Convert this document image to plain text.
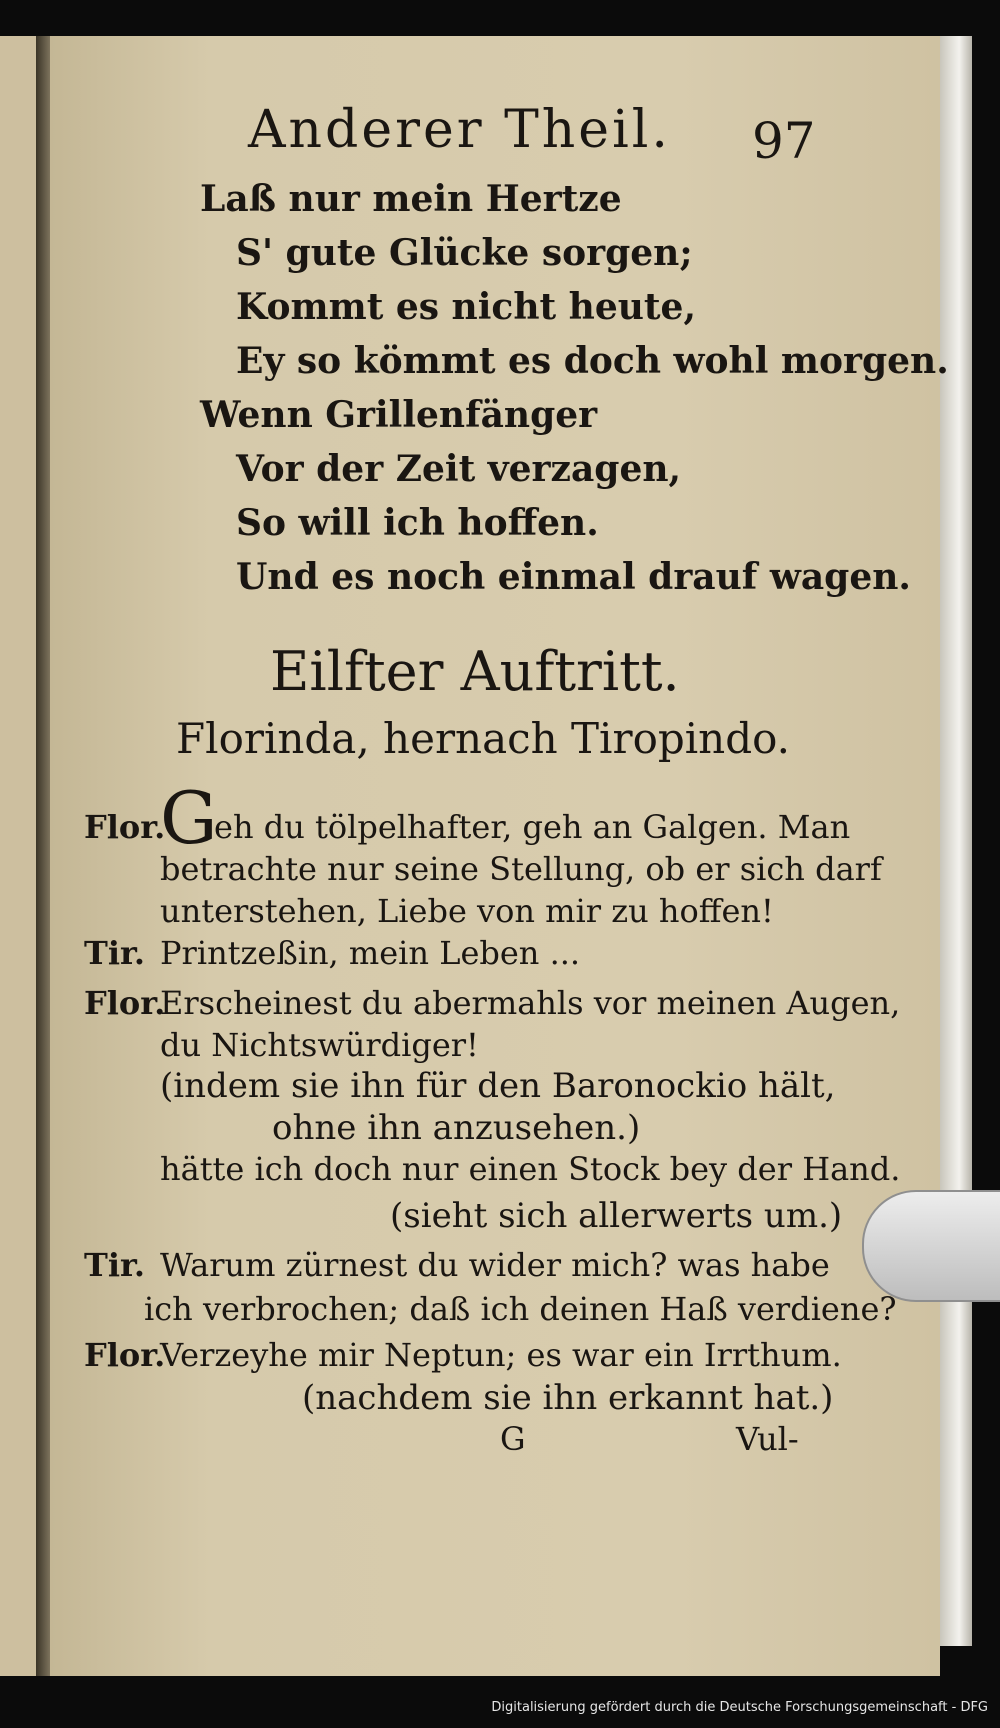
Anderer Theil. 97
Laß nur mein Hertze
S' gute Glücke sorgen;
Kommt es nicht heute,
Ey so kömmt es doch wohl morgen.
Wenn Grillenfänger
Vor der Zeit verzagen,
So will ich hoffen.
Und es noch einmal drauf wagen.
Eilfter Auftritt.
Florinda, hernach Tiropindo.
Flor.
G
eh du tölpelhafter, geh an Galgen. Man
betrachte nur seine Stellung, ob er sich darf
unterstehen, Liebe von mir zu hoffen!
Tir. Printzeßin, mein Leben ...
Flor.
Erscheinest du abermahls vor meinen Augen,
du Nichtswürdiger!
(indem sie ihn für den Baronockio hält,
ohne ihn anzusehen.)
hätte ich doch nur einen Stock bey der Hand.
(sieht sich allerwerts um.)
Tir. Warum zürnest du wider mich? was habe
ich verbrochen; daß ich deinen Haß verdiene?
Flor.
Verzeyhe mir Neptun; es war ein Irrthum.
(nachdem sie ihn erkannt hat.)
G	Vul-
Digitalisierung gefördert durch die Deutsche Forschungsgemeinschaft - DFG
